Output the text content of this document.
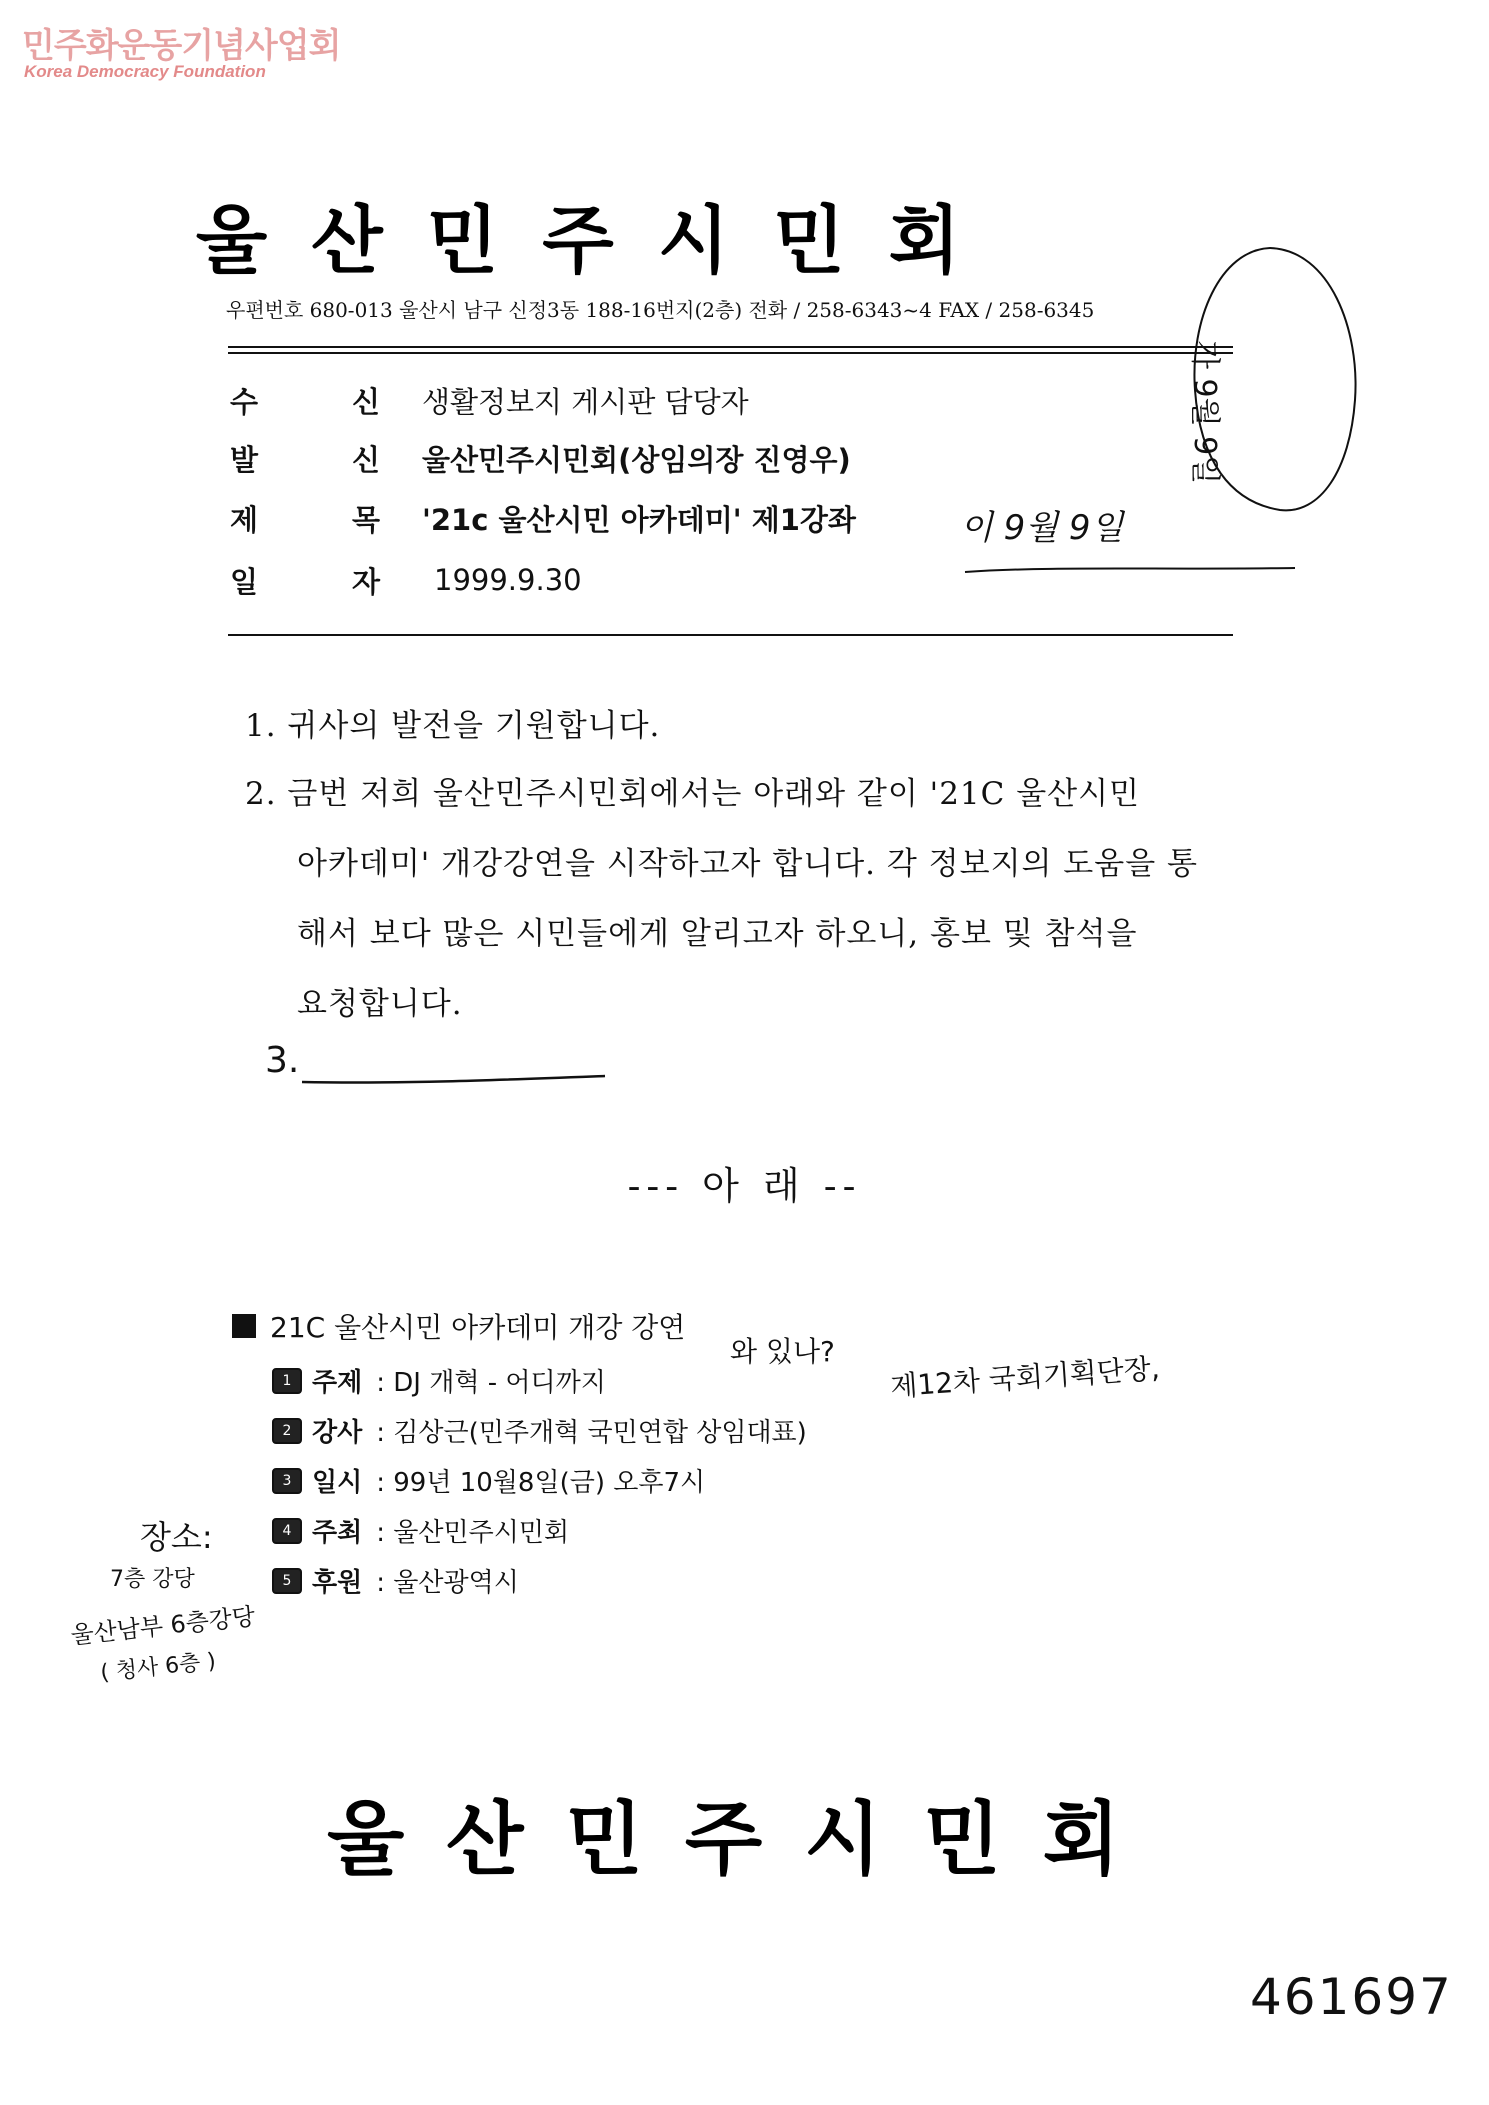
민주화운동기념사업회
Korea Democracy Foundation
울산민주시민회
우편번호 680-013 울산시 남구 신정3동 188-16번지(2층) 전화 / 258-6343~4 FAX / 258-6345
수	신 생활정보지 게시판 담당자
발	신 울산민주시민회(상임의장 진영우)
제	목 '21c 울산시민 아카데미' 제1강좌
일	자 1999.9.30
이 9월 9일
가 9월 9일
1. 귀사의 발전을 기원합니다.
2. 금번 저희 울산민주시민회에서는 아래와 같이 '21C 울산시민
아카데미' 개강강연을 시작하고자 합니다. 각 정보지의 도움을 통
해서 보다 많은 시민들에게 알리고자 하오니, 홍보 및 참석을
요청합니다.
3.
--- 아 래 --
21C 울산시민 아카데미 개강 강연
1 주제 : DJ 개혁 - 어디까지
2 강사 : 김상근(민주개혁 국민연합 상임대표)
3 일시 : 99년 10월8일(금) 오후7시
4 주최 : 울산민주시민회
5 후원 : 울산광역시
와 있나?
제12차 국회기획단장,
장소:
7층 강당
울산남부 6층강당
( 청사 6층 )
울산민주시민회
461697
